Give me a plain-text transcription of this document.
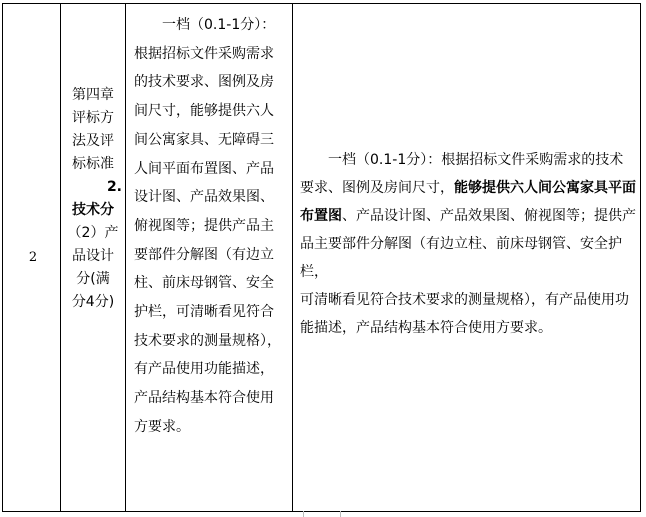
2
第四章
评标方
法及评
标标准
2.
技术分
（2）产
品设计
分(满
分4分)
一档（0.1-1分）：
根据招标文件采购需求
的技术要求、图例及房
间尺寸，能够提供六人
间公寓家具、无障碍三
人间平面布置图、产品
设计图、产品效果图、
俯视图等；提供产品主
要部件分解图（有边立
柱、前床母钢管、安全
护栏，可清晰看见符合
技术要求的测量规格），
有产品使用功能描述，
产品结构基本符合使用
方要求。
一档（0.1-1分）：根据招标文件采购需求的技术
要求、图例及房间尺寸，能够提供六人间公寓家具平面
布置图、产品设计图、产品效果图、俯视图等；提供产
品主要部件分解图（有边立柱、前床母钢管、安全护栏，
可清晰看见符合技术要求的测量规格），有产品使用功
能描述，产品结构基本符合使用方要求。
